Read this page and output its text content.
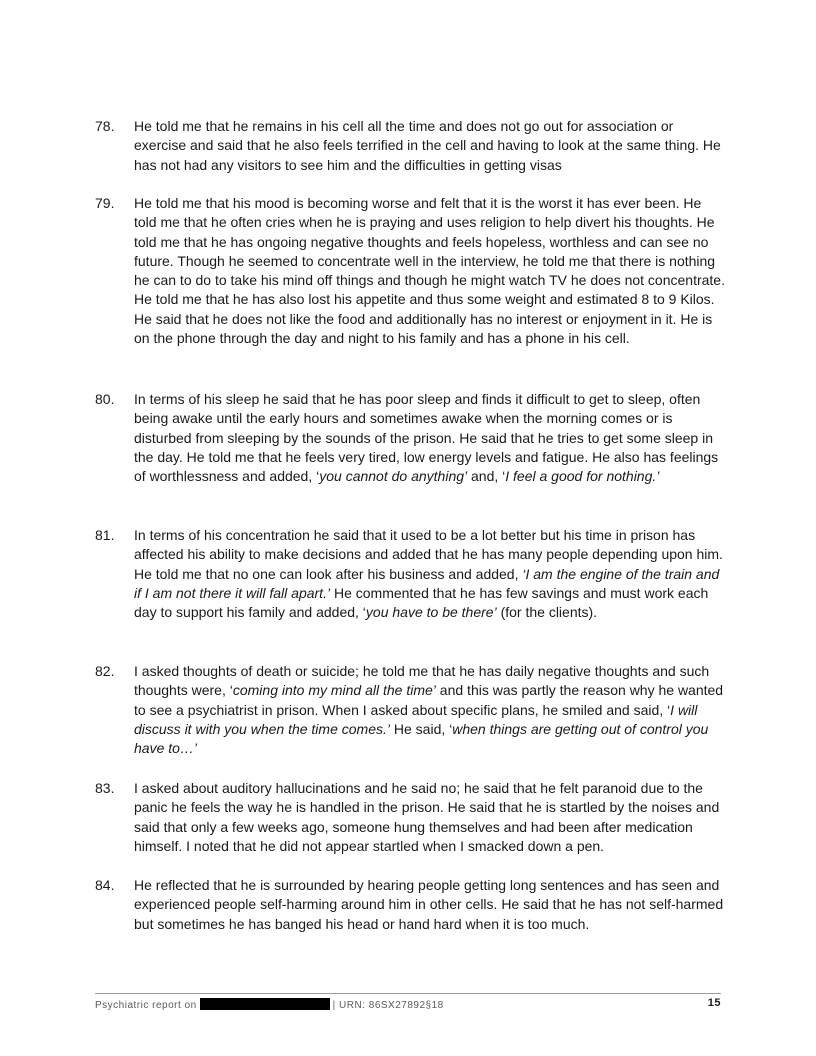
78.	He told me that he remains in his cell all the time and does not go out for association or exercise and said that he also feels terrified in the cell and having to look at the same thing. He has not had any visitors to see him and the difficulties in getting visas
79.	He told me that his mood is becoming worse and felt that it is the worst it has ever been. He told me that he often cries when he is praying and uses religion to help divert his thoughts. He told me that he has ongoing negative thoughts and feels hopeless, worthless and can see no future. Though he seemed to concentrate well in the interview, he told me that there is nothing he can to do to take his mind off things and though he might watch TV he does not concentrate. He told me that he has also lost his appetite and thus some weight and estimated 8 to 9 Kilos. He said that he does not like the food and additionally has no interest or enjoyment in it. He is on the phone through the day and night to his family and has a phone in his cell.
80.	In terms of his sleep he said that he has poor sleep and finds it difficult to get to sleep, often being awake until the early hours and sometimes awake when the morning comes or is disturbed from sleeping by the sounds of the prison. He said that he tries to get some sleep in the day. He told me that he feels very tired, low energy levels and fatigue. He also has feelings of worthlessness and added, ‘you cannot do anything’ and, ‘I feel a good for nothing.’
81.	In terms of his concentration he said that it used to be a lot better but his time in prison has affected his ability to make decisions and added that he has many people depending upon him. He told me that no one can look after his business and added, ‘I am the engine of the train and if I am not there it will fall apart.’ He commented that he has few savings and must work each day to support his family and added, ‘you have to be there’ (for the clients).
82.	I asked thoughts of death or suicide; he told me that he has daily negative thoughts and such thoughts were, ‘coming into my mind all the time’ and this was partly the reason why he wanted to see a psychiatrist in prison. When I asked about specific plans, he smiled and said, ‘I will discuss it with you when the time comes.’ He said, ‘when things are getting out of control you have to…’
83.	I asked about auditory hallucinations and he said no; he said that he felt paranoid due to the panic he feels the way he is handled in the prison. He said that he is startled by the noises and said that only a few weeks ago, someone hung themselves and had been after medication himself. I noted that he did not appear startled when I smacked down a pen.
84.	He reflected that he is surrounded by hearing people getting long sentences and has seen and experienced people self-harming around him in other cells. He said that he has not self-harmed but sometimes he has banged his head or hand hard when it is too much.
Psychiatric report on	| URN: 86SX27892§18	15
